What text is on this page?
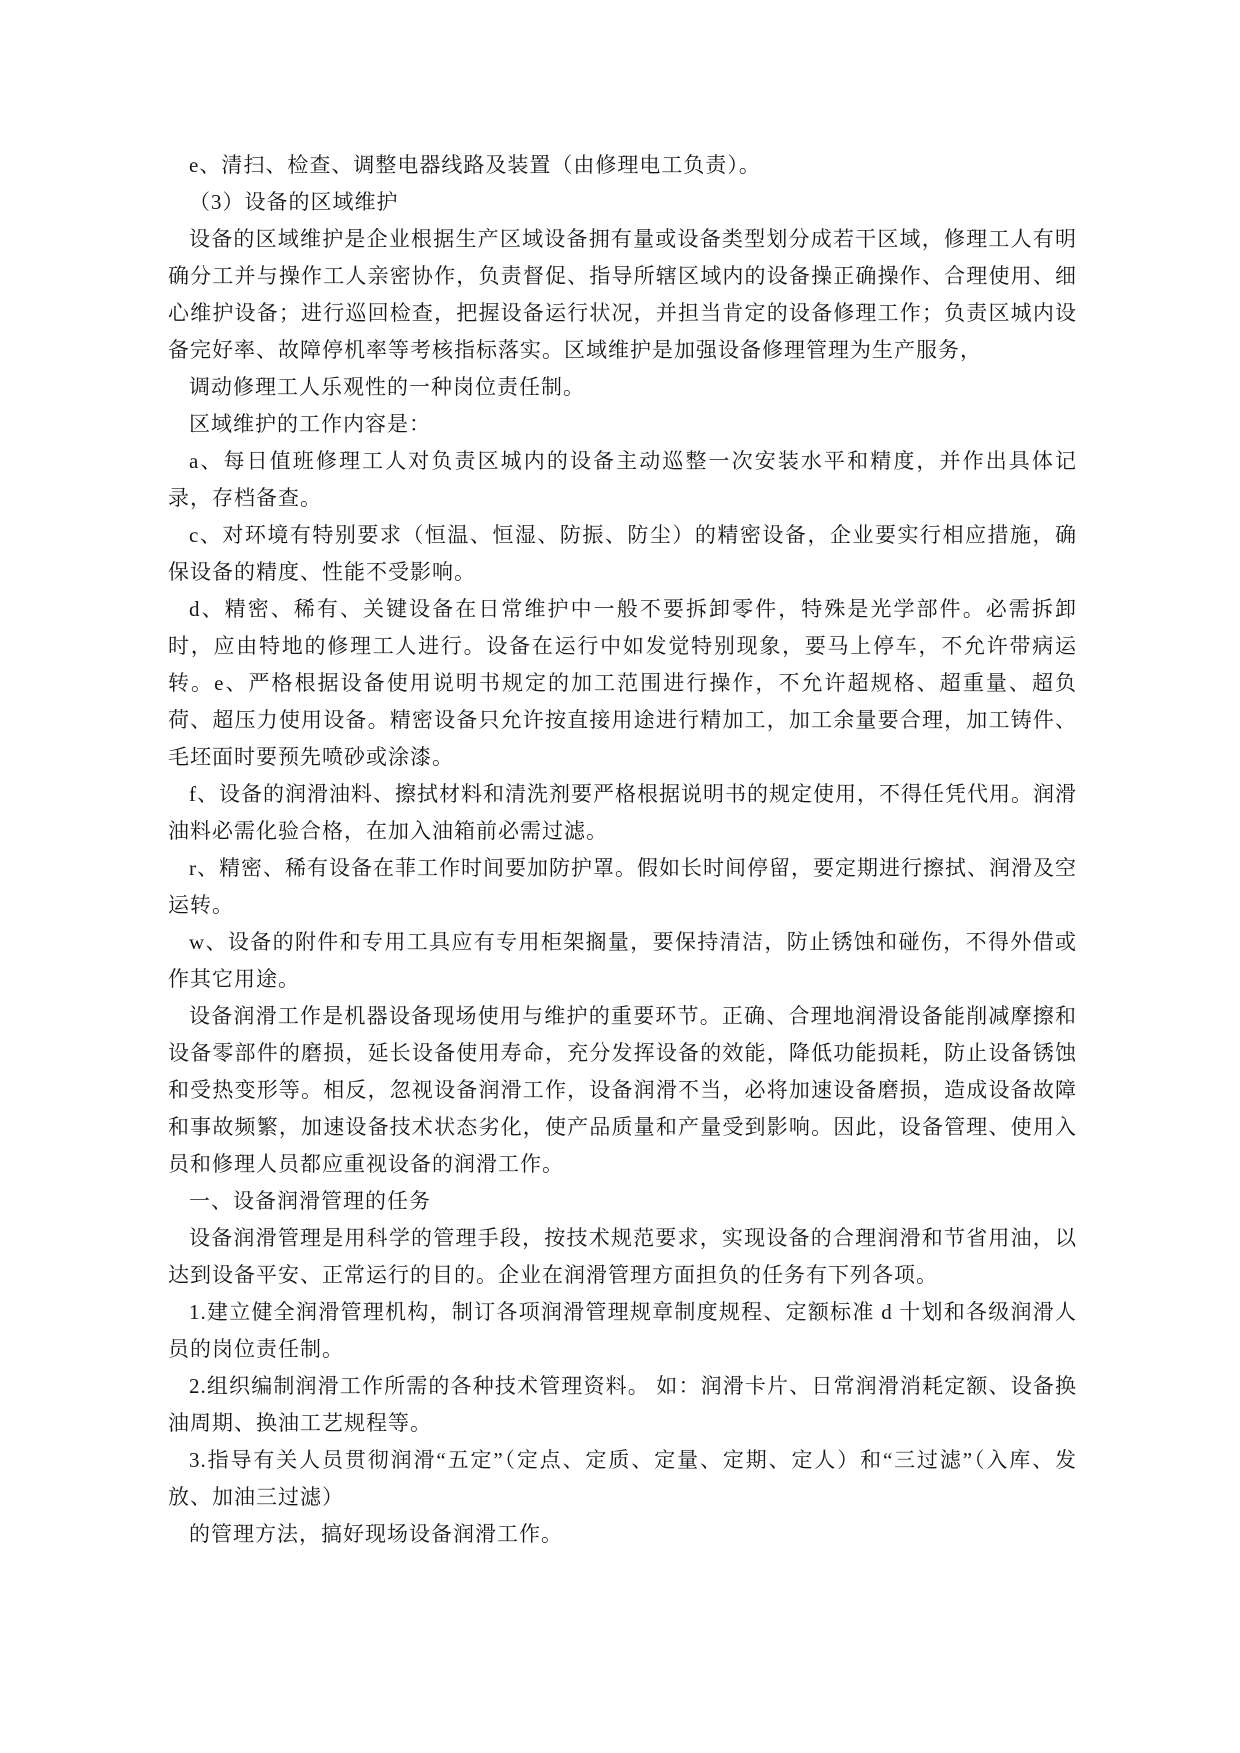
e、清扫、检查、调整电器线路及装置（由修理电工负责）。

（3）设备的区域维护

设备的区域维护是企业根据生产区域设备拥有量或设备类型划分成若干区域，修理工人有明确分工并与操作工人亲密协作，负责督促、指导所辖区域内的设备操正确操作、合理使用、细心维护设备；进行巡回检查，把握设备运行状况，并担当肯定的设备修理工作；负责区城内设备完好率、故障停机率等考核指标落实。区域维护是加强设备修理管理为生产服务，

调动修理工人乐观性的一种岗位责任制。

区域维护的工作内容是：

a、每日值班修理工人对负责区城内的设备主动巡整一次安装水平和精度，并作出具体记录，存档备查。

c、对环境有特别要求（恒温、恒湿、防振、防尘）的精密设备，企业要实行相应措施，确保设备的精度、性能不受影响。

d、精密、稀有、关键设备在日常维护中一般不要拆卸零件，特殊是光学部件。必需拆卸时，应由特地的修理工人进行。设备在运行中如发觉特别现象，要马上停车，不允许带病运转。e、严格根据设备使用说明书规定的加工范围进行操作，不允许超规格、超重量、超负荷、超压力使用设备。精密设备只允许按直接用途进行精加工，加工余量要合理，加工铸件、毛坯面时要预先喷砂或涂漆。

f、设备的润滑油料、擦拭材料和清洗剂要严格根据说明书的规定使用，不得任凭代用。润滑油料必需化验合格，在加入油箱前必需过滤。

r、精密、稀有设备在菲工作时间要加防护罩。假如长时间停留，要定期进行擦拭、润滑及空运转。

w、设备的附件和专用工具应有专用柜架搁量，要保持清洁，防止锈蚀和碰伤，不得外借或作其它用途。

设备润滑工作是机器设备现场使用与维护的重要环节。正确、合理地润滑设备能削减摩擦和设备零部件的磨损，延长设备使用寿命，充分发挥设备的效能，降低功能损耗，防止设备锈蚀和受热变形等。相反，忽视设备润滑工作，设备润滑不当，必将加速设备磨损，造成设备故障和事故频繁，加速设备技术状态劣化，使产品质量和产量受到影响。因此，设备管理、使用入员和修理人员都应重视设备的润滑工作。

一、设备润滑管理的任务

设备润滑管理是用科学的管理手段，按技术规范要求，实现设备的合理润滑和节省用油，以达到设备平安、正常运行的目的。企业在润滑管理方面担负的任务有下列各项。

1.建立健全润滑管理机构，制订各项润滑管理规章制度规程、定额标准 d 十划和各级润滑人员的岗位责任制。

2.组织编制润滑工作所需的各种技术管理资料。 如：润滑卡片、日常润滑消耗定额、设备换油周期、换油工艺规程等。

3.指导有关人员贯彻润滑“五定”（定点、定质、定量、定期、定人）和“三过滤”（入库、发放、加油三过滤）

的管理方法，搞好现场设备润滑工作。
